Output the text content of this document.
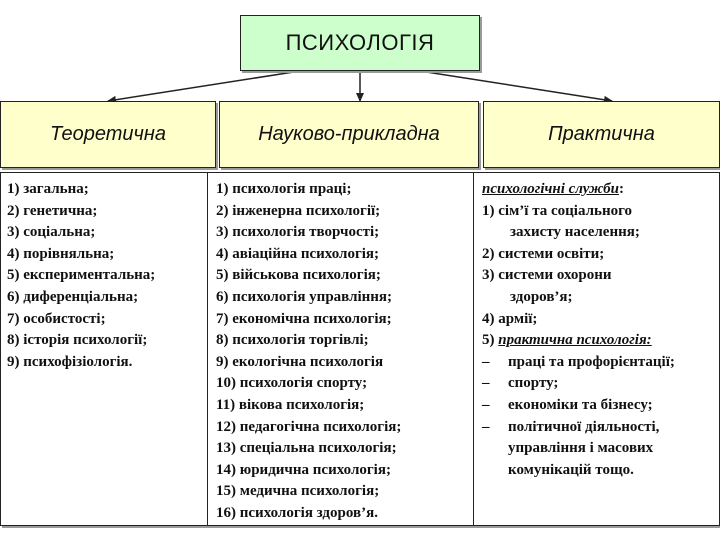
ПСИХОЛОГІЯ
Теоретична	Науково-прикладна	Практична
1) загальна;
2) генетична;
3) соціальна;
4) порівняльна;
5) експериментальна;
6) диференціальна;
7) особистості;
8) історія психології;
9) психофізіологія.
1) психологія праці;
2) інженерна психології;
3) психологія творчості;
4) авіаційна психологія;
5) військова психологія;
6) психологія управління;
7) економічна психологія;
8) психологія торгівлі;
9) екологічна психологія
10) психологія спорту;
11) вікова психологія;
12) педагогічна психологія;
13) спеціальна психологія;
14) юридична психологія;
15) медична психологія;
16) психологія здоров’я.
психологічні служби:
1) сім’ї та соціального
захисту населення;
2) системи освіти;
3) системи охорони
здоров’я;
4) армії;
5) практична психологія:
– праці та профорієнтації;
– спорту;
– економіки та бізнесу;
– політичної діяльності,
управління і масових
комунікацій тощо.
